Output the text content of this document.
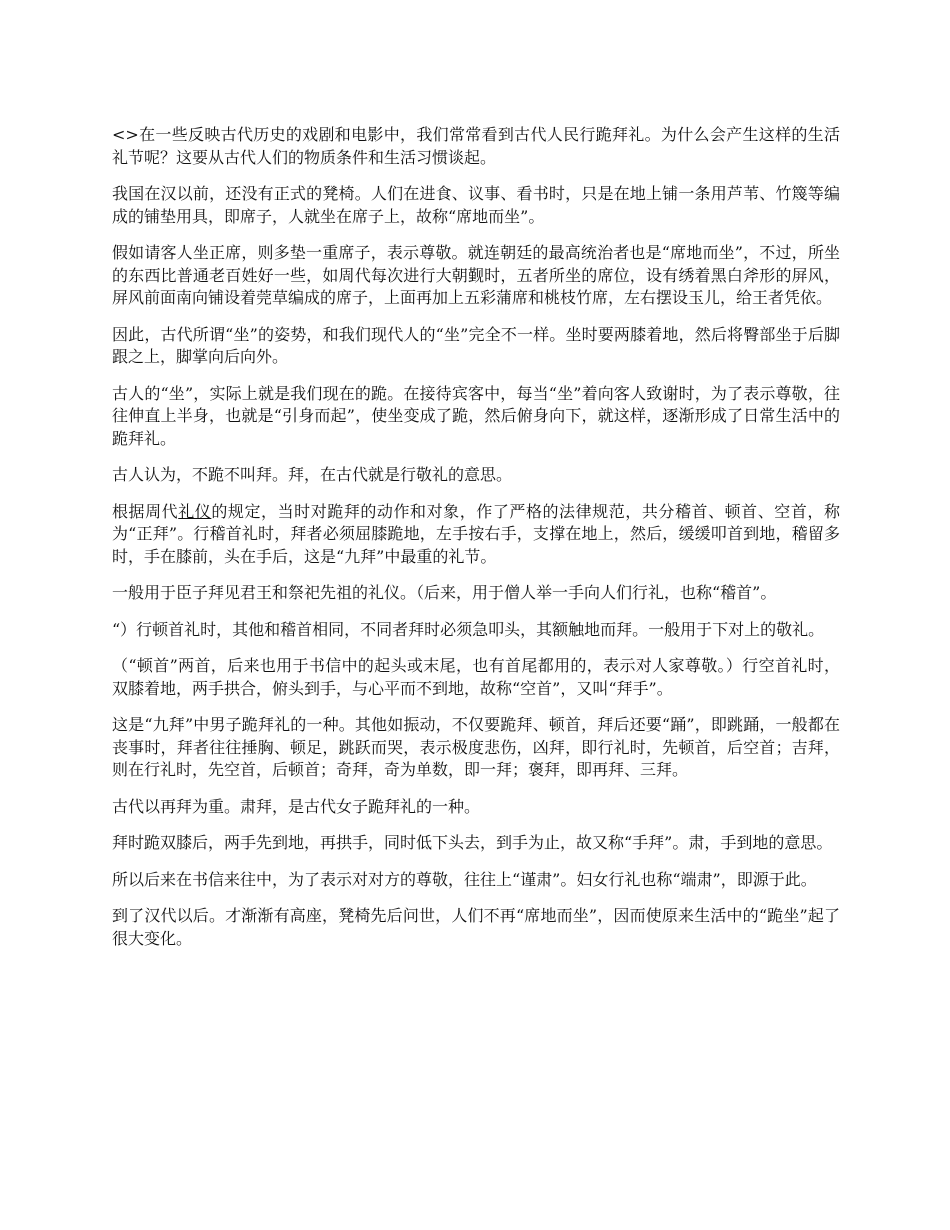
<>在一些反映古代历史的戏剧和电影中，我们常常看到古代人民行跪拜礼。为什么会产生这样的生活礼节呢？这要从古代人们的物质条件和生活习惯谈起。

我国在汉以前，还没有正式的凳椅。人们在进食、议事、看书时，只是在地上铺一条用芦苇、竹篾等编成的铺垫用具，即席子，人就坐在席子上，故称“席地而坐”。

假如请客人坐正席，则多垫一重席子，表示尊敬。就连朝廷的最高统治者也是“席地而坐”，不过，所坐的东西比普通老百姓好一些，如周代每次进行大朝觐时，五者所坐的席位，设有绣着黑白斧形的屏风，屏风前面南向铺设着莞草编成的席子，上面再加上五彩蒲席和桃枝竹席，左右摆设玉儿，给王者凭依。

因此，古代所谓“坐”的姿势，和我们现代人的“坐”完全不一样。坐时要两膝着地，然后将臀部坐于后脚跟之上，脚掌向后向外。

古人的“坐”，实际上就是我们现在的跪。在接待宾客中，每当“坐”着向客人致谢时，为了表示尊敬，往往伸直上半身，也就是“引身而起”，使坐变成了跪，然后俯身向下，就这样，逐渐形成了日常生活中的跪拜礼。

古人认为，不跪不叫拜。拜，在古代就是行敬礼的意思。

根据周代礼仪的规定，当时对跪拜的动作和对象，作了严格的法律规范，共分稽首、顿首、空首，称为“正拜”。行稽首礼时，拜者必须屈膝跪地，左手按右手，支撑在地上，然后，缓缓叩首到地，稽留多时，手在膝前，头在手后，这是“九拜”中最重的礼节。

一般用于臣子拜见君王和祭祀先祖的礼仪。（后来，用于僧人举一手向人们行礼，也称“稽首”。

“）行顿首礼时，其他和稽首相同，不同者拜时必须急叩头，其额触地而拜。一般用于下对上的敬礼。

（“顿首”两首，后来也用于书信中的起头或末尾，也有首尾都用的，表示对人家尊敬。）行空首礼时，双膝着地，两手拱合，俯头到手，与心平而不到地，故称“空首”，又叫“拜手”。

这是“九拜”中男子跪拜礼的一种。其他如振动，不仅要跪拜、顿首，拜后还要“踊”，即跳踊，一般都在丧事时，拜者往往捶胸、顿足，跳跃而哭，表示极度悲伤，凶拜，即行礼时，先顿首，后空首；吉拜，则在行礼时，先空首，后顿首；奇拜，奇为单数，即一拜；褒拜，即再拜、三拜。

古代以再拜为重。肃拜，是古代女子跪拜礼的一种。

拜时跪双膝后，两手先到地，再拱手，同时低下头去，到手为止，故又称“手拜”。肃，手到地的意思。

所以后来在书信来往中，为了表示对对方的尊敬，往往上“谨肃”。妇女行礼也称“端肃”，即源于此。

到了汉代以后。才渐渐有高座，凳椅先后问世，人们不再“席地而坐”，因而使原来生活中的“跪坐”起了很大变化。
